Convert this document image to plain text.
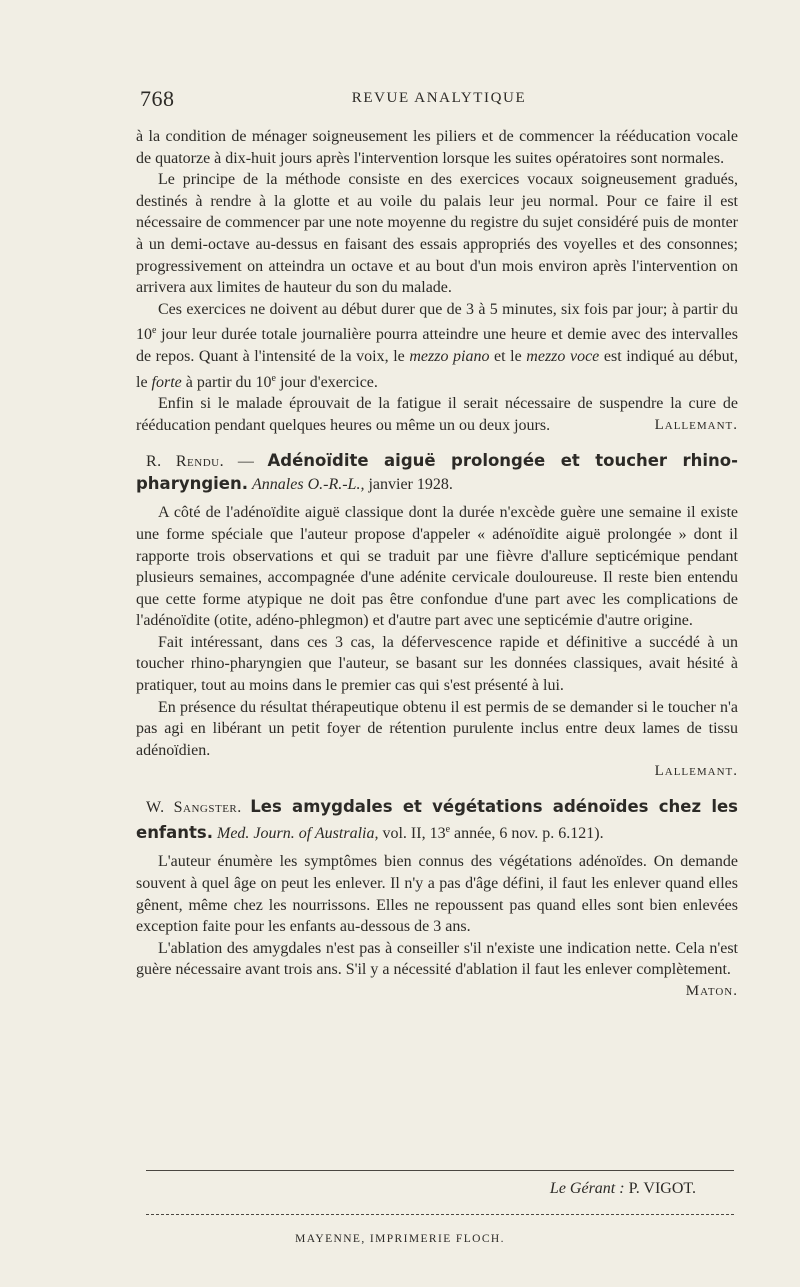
768	REVUE ANALYTIQUE

à la condition de ménager soigneusement les piliers et de commencer la rééducation vocale de quatorze à dix-huit jours après l'intervention lorsque les suites opératoires sont normales.

Le principe de la méthode consiste en des exercices vocaux soigneusement gradués, destinés à rendre à la glotte et au voile du palais leur jeu normal. Pour ce faire il est nécessaire de commencer par une note moyenne du registre du sujet considéré puis de monter à un demi-octave au-dessus en faisant des essais appropriés des voyelles et des consonnes; progressivement on atteindra un octave et au bout d'un mois environ après l'intervention on arrivera aux limites de hauteur du son du malade.

Ces exercices ne doivent au début durer que de 3 à 5 minutes, six fois par jour; à partir du 10e jour leur durée totale journalière pourra atteindre une heure et demie avec des intervalles de repos. Quant à l'intensité de la voix, le mezzo piano et le mezzo voce est indiqué au début, le forte à partir du 10e jour d'exercice.

Enfin si le malade éprouvait de la fatigue il serait nécessaire de suspendre la cure de rééducation pendant quelques heures ou même un ou deux jours.	Lallemant.

R. Rendu. — Adénoïdite aiguë prolongée et toucher rhino-pharyngien. Annales O.-R.-L., janvier 1928.

A côté de l'adénoïdite aiguë classique dont la durée n'excède guère une semaine il existe une forme spéciale que l'auteur propose d'appeler « adénoïdite aiguë prolongée » dont il rapporte trois observations et qui se traduit par une fièvre d'allure septicémique pendant plusieurs semaines, accompagnée d'une adénite cervicale douloureuse. Il reste bien entendu que cette forme atypique ne doit pas être confondue d'une part avec les complications de l'adénoïdite (otite, adéno-phlegmon) et d'autre part avec une septicémie d'autre origine.

Fait intéressant, dans ces 3 cas, la défervescence rapide et définitive a succédé à un toucher rhino-pharyngien que l'auteur, se basant sur les données classiques, avait hésité à pratiquer, tout au moins dans le premier cas qui s'est présenté à lui.

En présence du résultat thérapeutique obtenu il est permis de se demander si le toucher n'a pas agi en libérant un petit foyer de rétention purulente inclus entre deux lames de tissu adénoïdien.

Lallemant.

W. Sangster. Les amygdales et végétations adénoïdes chez les enfants. Med. Journ. of Australia, vol. II, 13e année, 6 nov. p. 6.121).

L'auteur énumère les symptômes bien connus des végétations adénoïdes. On demande souvent à quel âge on peut les enlever. Il n'y a pas d'âge défini, il faut les enlever quand elles gênent, même chez les nourrissons. Elles ne repoussent pas quand elles sont bien enlevées exception faite pour les enfants au-dessous de 3 ans.

L'ablation des amygdales n'est pas à conseiller s'il n'existe une indication nette. Cela n'est guère nécessaire avant trois ans. S'il y a nécessité d'ablation il faut les enlever complètement.

Maton.
Le Gérant : P. VIGOT.
MAYENNE, IMPRIMERIE FLOCH.
